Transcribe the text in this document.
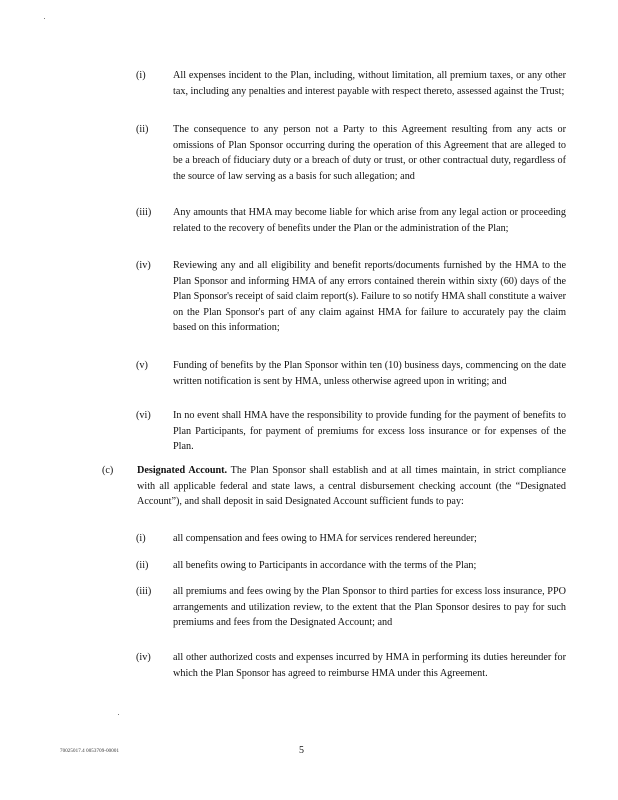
(i)	All expenses incident to the Plan, including, without limitation, all premium taxes, or any other tax, including any penalties and interest payable with respect thereto, assessed against the Trust;
(ii) The consequence to any person not a Party to this Agreement resulting from any acts or omissions of Plan Sponsor occurring during the operation of this Agreement that are alleged to be a breach of fiduciary duty or a breach of duty or trust, or other contractual duty, regardless of the source of law serving as a basis for such allegation; and
(iii) Any amounts that HMA may become liable for which arise from any legal action or proceeding related to the recovery of benefits under the Plan or the administration of the Plan;
(iv) Reviewing any and all eligibility and benefit reports/documents furnished by the HMA to the Plan Sponsor and informing HMA of any errors contained therein within sixty (60) days of the Plan Sponsor's receipt of said claim report(s). Failure to so notify HMA shall constitute a waiver on the Plan Sponsor's part of any claim against HMA for failure to accurately pay the claim based on this information;
(v) Funding of benefits by the Plan Sponsor within ten (10) business days, commencing on the date written notification is sent by HMA, unless otherwise agreed upon in writing; and
(vi) In no event shall HMA have the responsibility to provide funding for the payment of benefits to Plan Participants, for payment of premiums for excess loss insurance or for expenses of the Plan.
(c) Designated Account. The Plan Sponsor shall establish and at all times maintain, in strict compliance with all applicable federal and state laws, a central disbursement checking account (the “Designated Account”), and shall deposit in said Designated Account sufficient funds to pay:
(i)	all compensation and fees owing to HMA for services rendered hereunder;
(ii) all benefits owing to Participants in accordance with the terms of the Plan;
(iii) all premiums and fees owing by the Plan Sponsor to third parties for excess loss insurance, PPO arrangements and utilization review, to the extent that the Plan Sponsor desires to pay for such premiums and fees from the Designated Account; and
(iv) all other authorized costs and expenses incurred by HMA in performing its duties hereunder for which the Plan Sponsor has agreed to reimburse HMA under this Agreement.
70025017.4 0053709-00001	5
